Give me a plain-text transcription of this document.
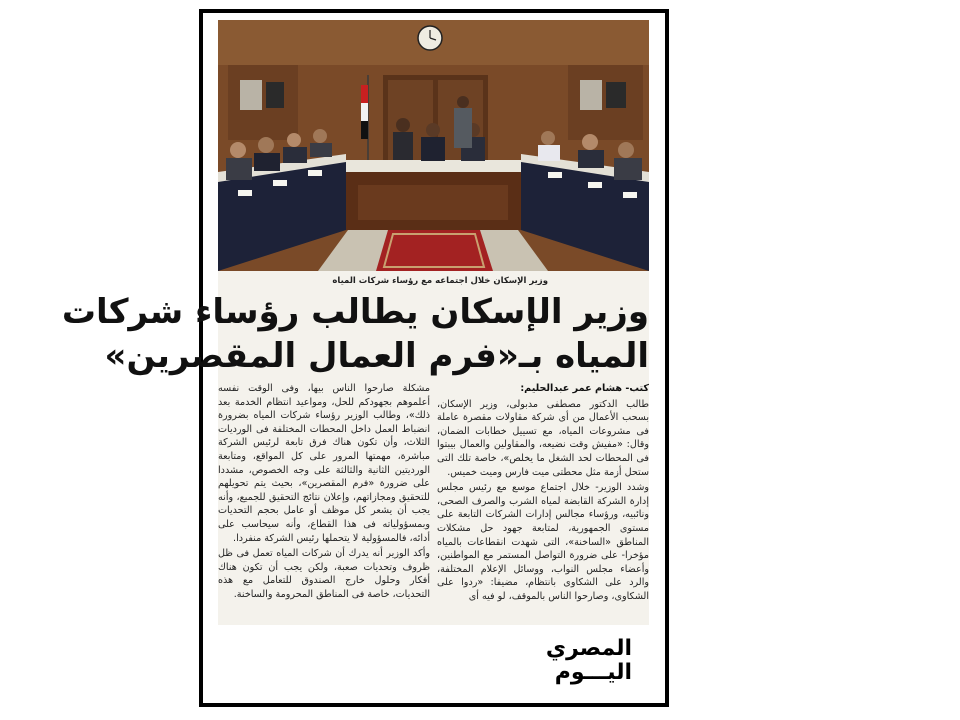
وزير الإسكان خلال اجتماعه مع رؤساء شركات المياه
وزير الإسكان يطالب رؤساء شركات
المياه بـ«فرم العمال المقصرين»

كتب- هشام عمر عبدالحليم:

طالب الدكتور مصطفى مدبولى، وزير الإسكان، بسحب الأعمال من أى شركة مقاولات مقصرة عاملة فى مشروعات المياه، مع تسييل خطابات الضمان، وقال: «مفيش وقت نضيعه، والمقاولين والعمال بيبتوا فى المحطات لحد الشغل ما يخلص»، خاصة تلك التى ستحل أزمة مثل محطتى ميت فارس وميت خميس.

وشدد الوزير- خلال اجتماع موسع مع رئيس مجلس إدارة الشركة القابضة لمياه الشرب والصرف الصحى، ونائبيه، ورؤساء مجالس إدارات الشركات التابعة على مستوى الجمهورية، لمتابعة جهود حل مشكلات المناطق «الساخنة»، التى شهدت انقطاعات بالمياه مؤخرا- على ضرورة التواصل المستمر مع المواطنين، وأعضاء مجلس النواب، ووسائل الإعلام المختلفة، والرد على الشكاوى بانتظام، مضيفا: «ردوا على الشكاوى، وصارحوا الناس بالموقف، لو فيه أى

مشكلة صارحوا الناس بيها، وفى الوقت نفسه أعلموهم بجهودكم للحل، ومواعيد انتظام الخدمة بعد ذلك»، وطالب الوزير رؤساء شركات المياه بضرورة انضباط العمل داخل المحطات المختلفة فى الورديات الثلاث، وأن تكون هناك فرق تابعة لرئيس الشركة مباشرة، مهمتها المرور على كل المواقع، ومتابعة الورديتين الثانية والثالثة على وجه الخصوص، مشددا على ضرورة «فرم المقصرين»، بحيث يتم تحويلهم للتحقيق ومجازاتهم، وإعلان نتائج التحقيق للجميع، وأنه يجب أن يشعر كل موظف أو عامل بحجم التحديات وبمسؤولياته فى هذا القطاع، وأنه سيحاسب على أدائه، فالمسؤولية لا يتحملها رئيس الشركة منفردا.

وأكد الوزير أنه يدرك أن شركات المياه تعمل فى ظل ظروف وتحديات صعبة، ولكن يجب أن تكون هناك أفكار وحلول خارج الصندوق للتعامل مع هذه التحديات، خاصة فى المناطق المحرومة والساخنة.

المصري
اليـــوم
